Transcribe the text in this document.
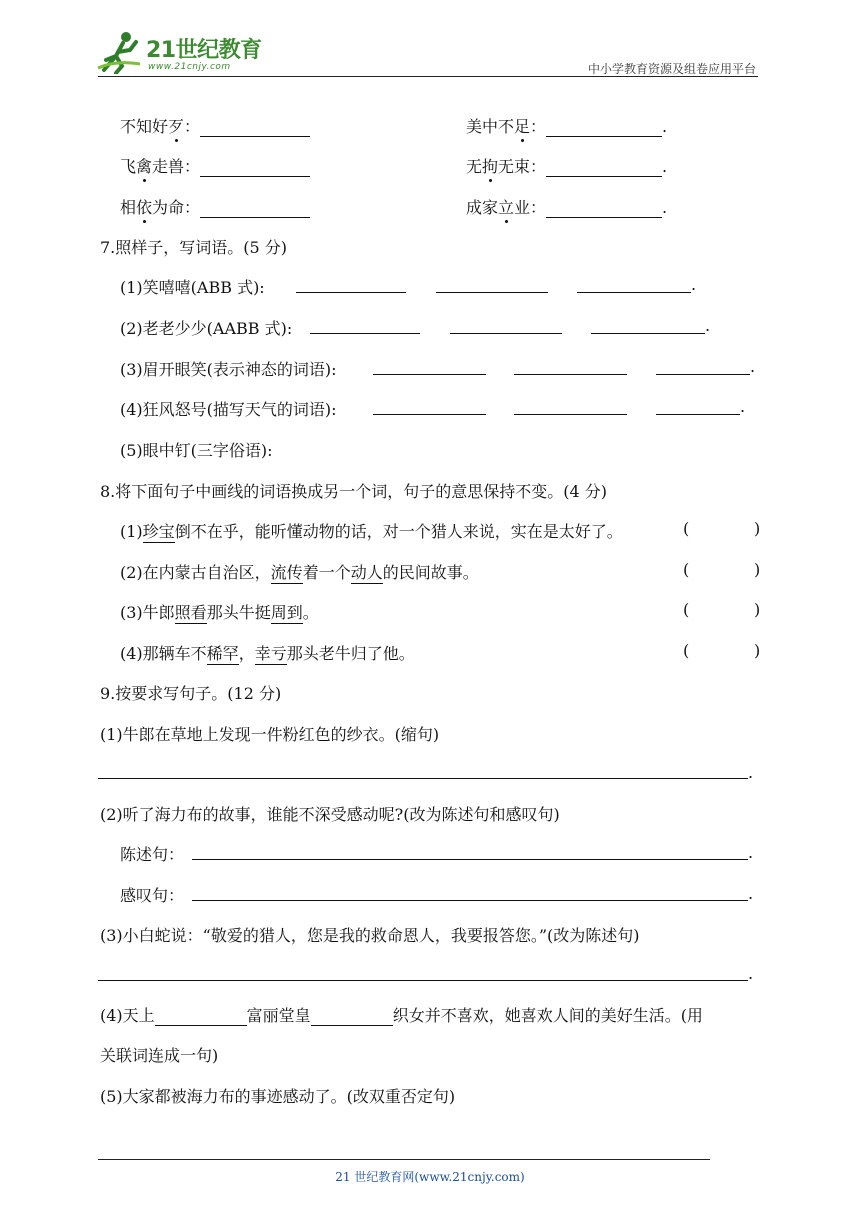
21世纪教育
www.21cnjy.com	中小学教育资源及组卷应用平台
不知好歹：	美中不足：	.
飞禽走兽：	无拘无束：	.
相依为命：	成家立业：	.
7.照样子，写词语。(5 分)
(1)笑嘻嘻(ABB 式):	.
(2)老老少少(AABB 式):	.
(3)眉开眼笑(表示神态的词语):	.
(4)狂风怒号(描写天气的词语):	.
(5)眼中钉(三字俗语):
8.将下面句子中画线的词语换成另一个词，句子的意思保持不变。(4 分)
(1)珍宝倒不在乎，能听懂动物的话，对一个猎人来说，实在是太好了。
(2)在内蒙古自治区，流传着一个动人的民间故事。
(3)牛郎照看那头牛挺周到。
(4)那辆车不稀罕，幸亏那头老牛归了他。
(	)
(	)
(	)
(	)
9.按要求写句子。(12 分)
(1)牛郎在草地上发现一件粉红色的纱衣。(缩句)
.
(2)听了海力布的故事，谁能不深受感动呢?(改为陈述句和感叹句)
陈述句：	.
感叹句：	.
(3)小白蛇说：“敬爱的猎人，您是我的救命恩人，我要报答您。”(改为陈述句)
.
(4)天上	富丽堂皇	织女并不喜欢，她喜欢人间的美好生活。(用
关联词连成一句)
(5)大家都被海力布的事迹感动了。(改双重否定句)
21 世纪教育网(www.21cnjy.com)
